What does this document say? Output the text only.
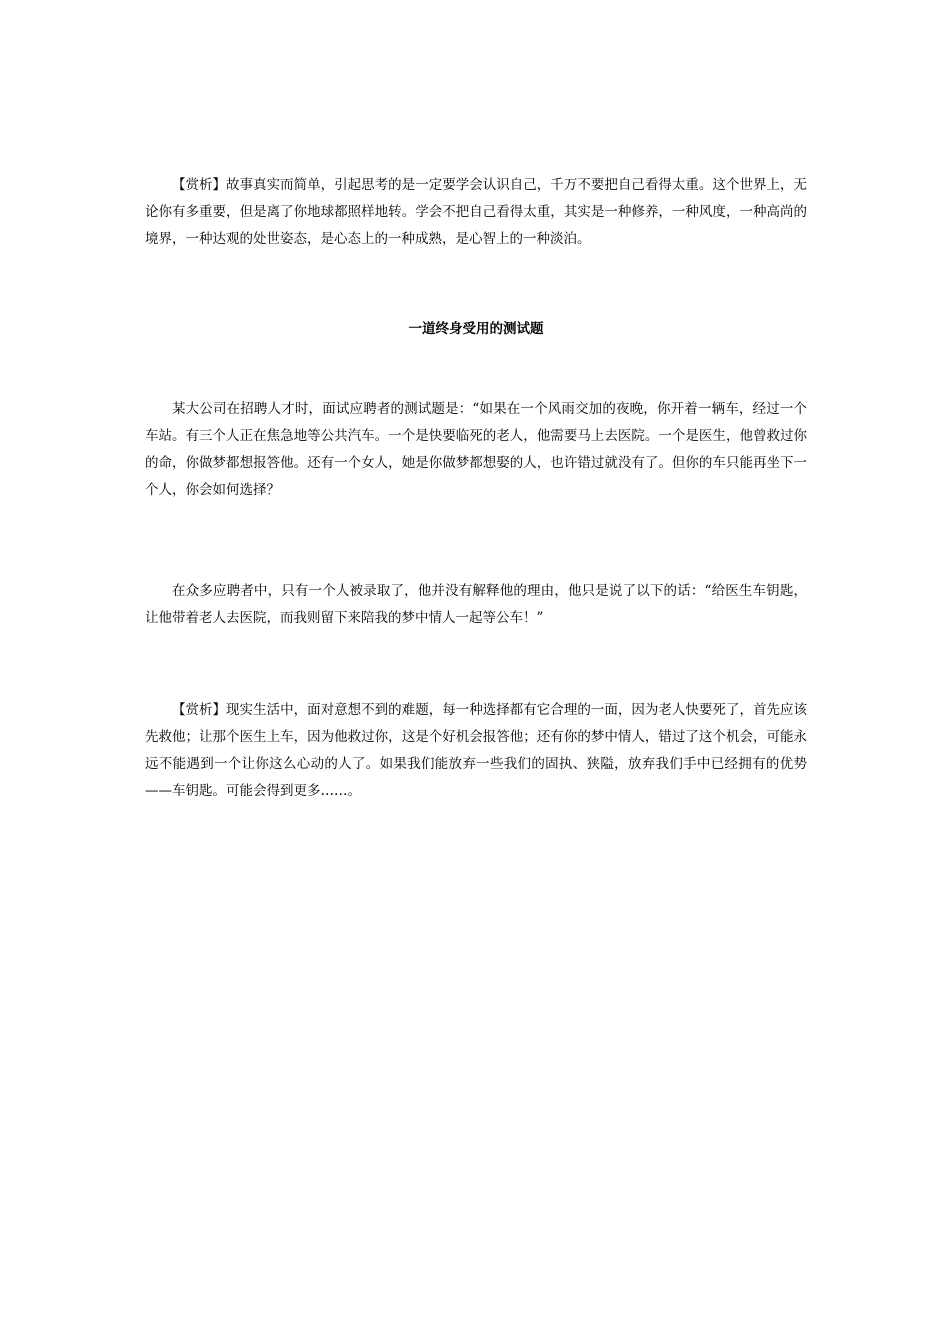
【赏析】故事真实而简单，引起思考的是一定要学会认识自己，千万不要把自己看得太重。这个世界上，无论你有多重要，但是离了你地球都照样地转。学会不把自己看得太重，其实是一种修养，一种风度，一种高尚的境界，一种达观的处世姿态，是心态上的一种成熟，是心智上的一种淡泊。

一道终身受用的测试题

某大公司在招聘人才时，面试应聘者的测试题是：“如果在一个风雨交加的夜晚，你开着一辆车，经过一个车站。有三个人正在焦急地等公共汽车。一个是快要临死的老人，他需要马上去医院。一个是医生，他曾救过你的命，你做梦都想报答他。还有一个女人，她是你做梦都想娶的人，也许错过就没有了。但你的车只能再坐下一个人，你会如何选择？

在众多应聘者中，只有一个人被录取了，他并没有解释他的理由，他只是说了以下的话：“给医生车钥匙，让他带着老人去医院，而我则留下来陪我的梦中情人一起等公车！”

【赏析】现实生活中，面对意想不到的难题，每一种选择都有它合理的一面，因为老人快要死了，首先应该先救他；让那个医生上车，因为他救过你，这是个好机会报答他；还有你的梦中情人，错过了这个机会，可能永远不能遇到一个让你这么心动的人了。如果我们能放弃一些我们的固执、狭隘，放弃我们手中已经拥有的优势——车钥匙。可能会得到更多……。
